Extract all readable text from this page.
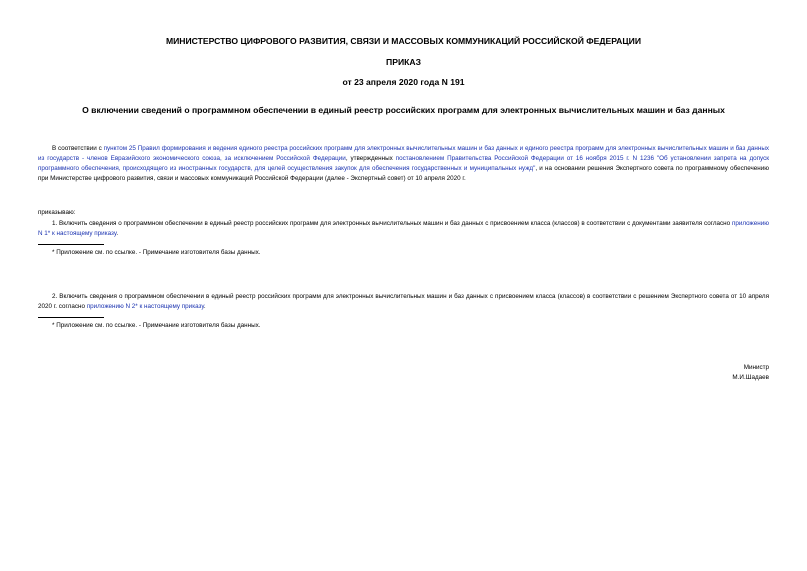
МИНИСТЕРСТВО ЦИФРОВОГО РАЗВИТИЯ, СВЯЗИ И МАССОВЫХ КОММУНИКАЦИЙ РОССИЙСКОЙ ФЕДЕРАЦИИ
ПРИКАЗ
от 23 апреля 2020 года N 191
О включении сведений о программном обеспечении в единый реестр российских программ для электронных вычислительных машин и баз данных
В соответствии с пунктом 25 Правил формирования и ведения единого реестра российских программ для электронных вычислительных машин и баз данных и единого реестра программ для электронных вычислительных машин и баз данных из государств - членов Евразийского экономического союза, за исключением Российской Федерации, утвержденных постановлением Правительства Российской Федерации от 16 ноября 2015 г. N 1236 "Об установлении запрета на допуск программного обеспечения, происходящего из иностранных государств, для целей осуществления закупок для обеспечения государственных и муниципальных нужд", и на основании решения Экспертного совета по программному обеспечению при Министерстве цифрового развития, связи и массовых коммуникаций Российской Федерации (далее - Экспертный совет) от 10 апреля 2020 г.
приказываю:
1. Включить сведения о программном обеспечении в единый реестр российских программ для электронных вычислительных машин и баз данных с присвоением класса (классов) в соответствии с документами заявителя согласно приложению N 1* к настоящему приказу.
* Приложение см. по ссылке. - Примечание изготовителя базы данных.
2. Включить сведения о программном обеспечении в единый реестр российских программ для электронных вычислительных машин и баз данных с присвоением класса (классов) в соответствии с решением Экспертного совета от 10 апреля 2020 г. согласно приложению N 2* к настоящему приказу.
* Приложение см. по ссылке. - Примечание изготовителя базы данных.
Министр
М.И.Шадаев
